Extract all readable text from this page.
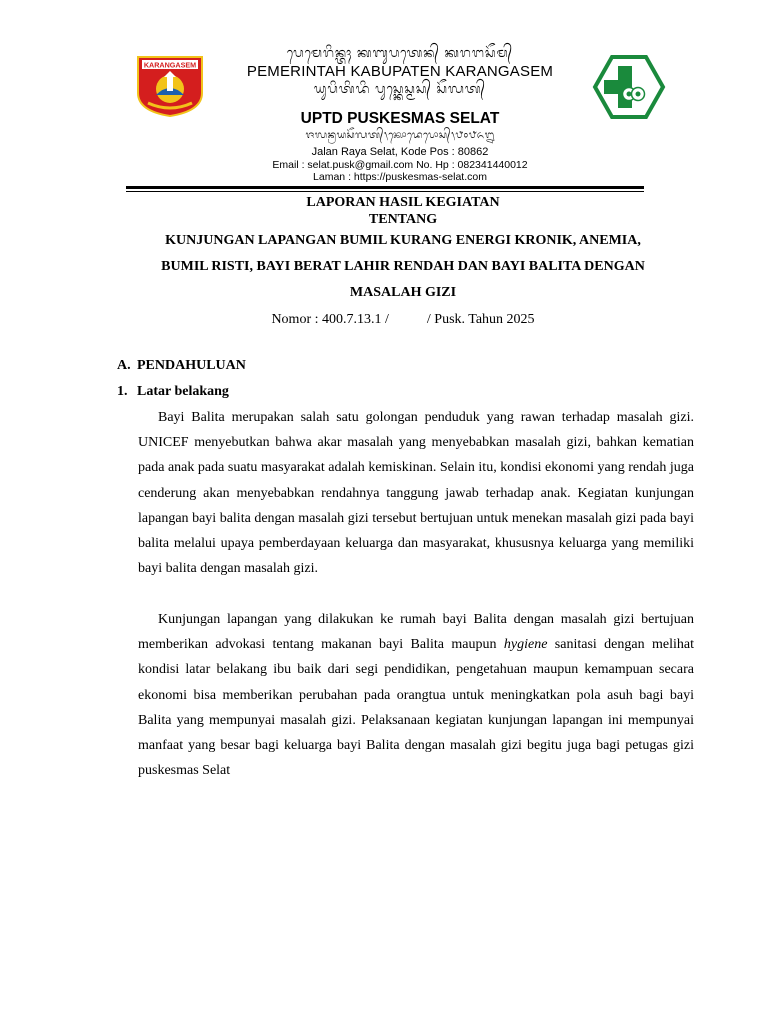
KARANGASEM
ᬧᬾᬫᬾᬭᬶᬦ᭄ᬢᬄ ᬓᬩᬸᬧᬢᬾᬦ᭄ ᬓᬭᬗᬲᭂᬫ᭄
PEMERINTAH KABUPATEN KARANGASEM
ᬬᬸᬧᬶᬢᬶᬤᬶ ᬧᬸᬲ᭄ᬓᬾᬲ᭄ᬫᬲ᭄ ᬲᭂᬮᬢ᭄
UPTD PUSKESMAS SELAT
ᬚᬮᬦ᭄ᬭᬬᬲᭂᬮᬢ᭄᭞ᬓᭀᬤᬾᬧᭀᬲ᭄᭞᭘᭐᭘᭖᭒
Jalan Raya Selat, Kode Pos : 80862
Email : selat.pusk@gmail.com No. Hp : 082341440012
Laman : https://puskesmas-selat.com
LAPORAN HASIL KEGIATAN
TENTANG
KUNJUNGAN LAPANGAN BUMIL KURANG ENERGI KRONIK, ANEMIA,
BUMIL RISTI, BAYI BERAT LAHIR RENDAH DAN BAYI BALITA DENGAN
MASALAH GIZI
Nomor : 400.7.13.1 /	/ Pusk. Tahun 2025
A. PENDAHULUAN
1. Latar belakang
Bayi Balita merupakan salah satu golongan penduduk yang rawan terhadap masalah gizi. UNICEF menyebutkan bahwa akar masalah yang menyebabkan masalah gizi, bahkan kematian pada anak pada suatu masyarakat adalah kemiskinan. Selain itu, kondisi ekonomi yang rendah juga cenderung akan menyebabkan rendahnya tanggung jawab terhadap anak. Kegiatan kunjungan lapangan bayi balita dengan masalah gizi tersebut bertujuan untuk menekan masalah gizi pada bayi balita melalui upaya pemberdayaan keluarga dan masyarakat, khususnya keluarga yang memiliki bayi balita dengan masalah gizi.
Kunjungan lapangan yang dilakukan ke rumah bayi Balita dengan masalah gizi bertujuan memberikan advokasi tentang makanan bayi Balita maupun hygiene sanitasi dengan melihat kondisi latar belakang ibu baik dari segi pendidikan, pengetahuan maupun kemampuan secara ekonomi bisa memberikan perubahan pada orangtua untuk meningkatkan pola asuh bagi bayi Balita yang mempunyai masalah gizi. Pelaksanaan kegiatan kunjungan lapangan ini mempunyai manfaat yang besar bagi keluarga bayi Balita dengan masalah gizi begitu juga bagi petugas gizi puskesmas Selat
